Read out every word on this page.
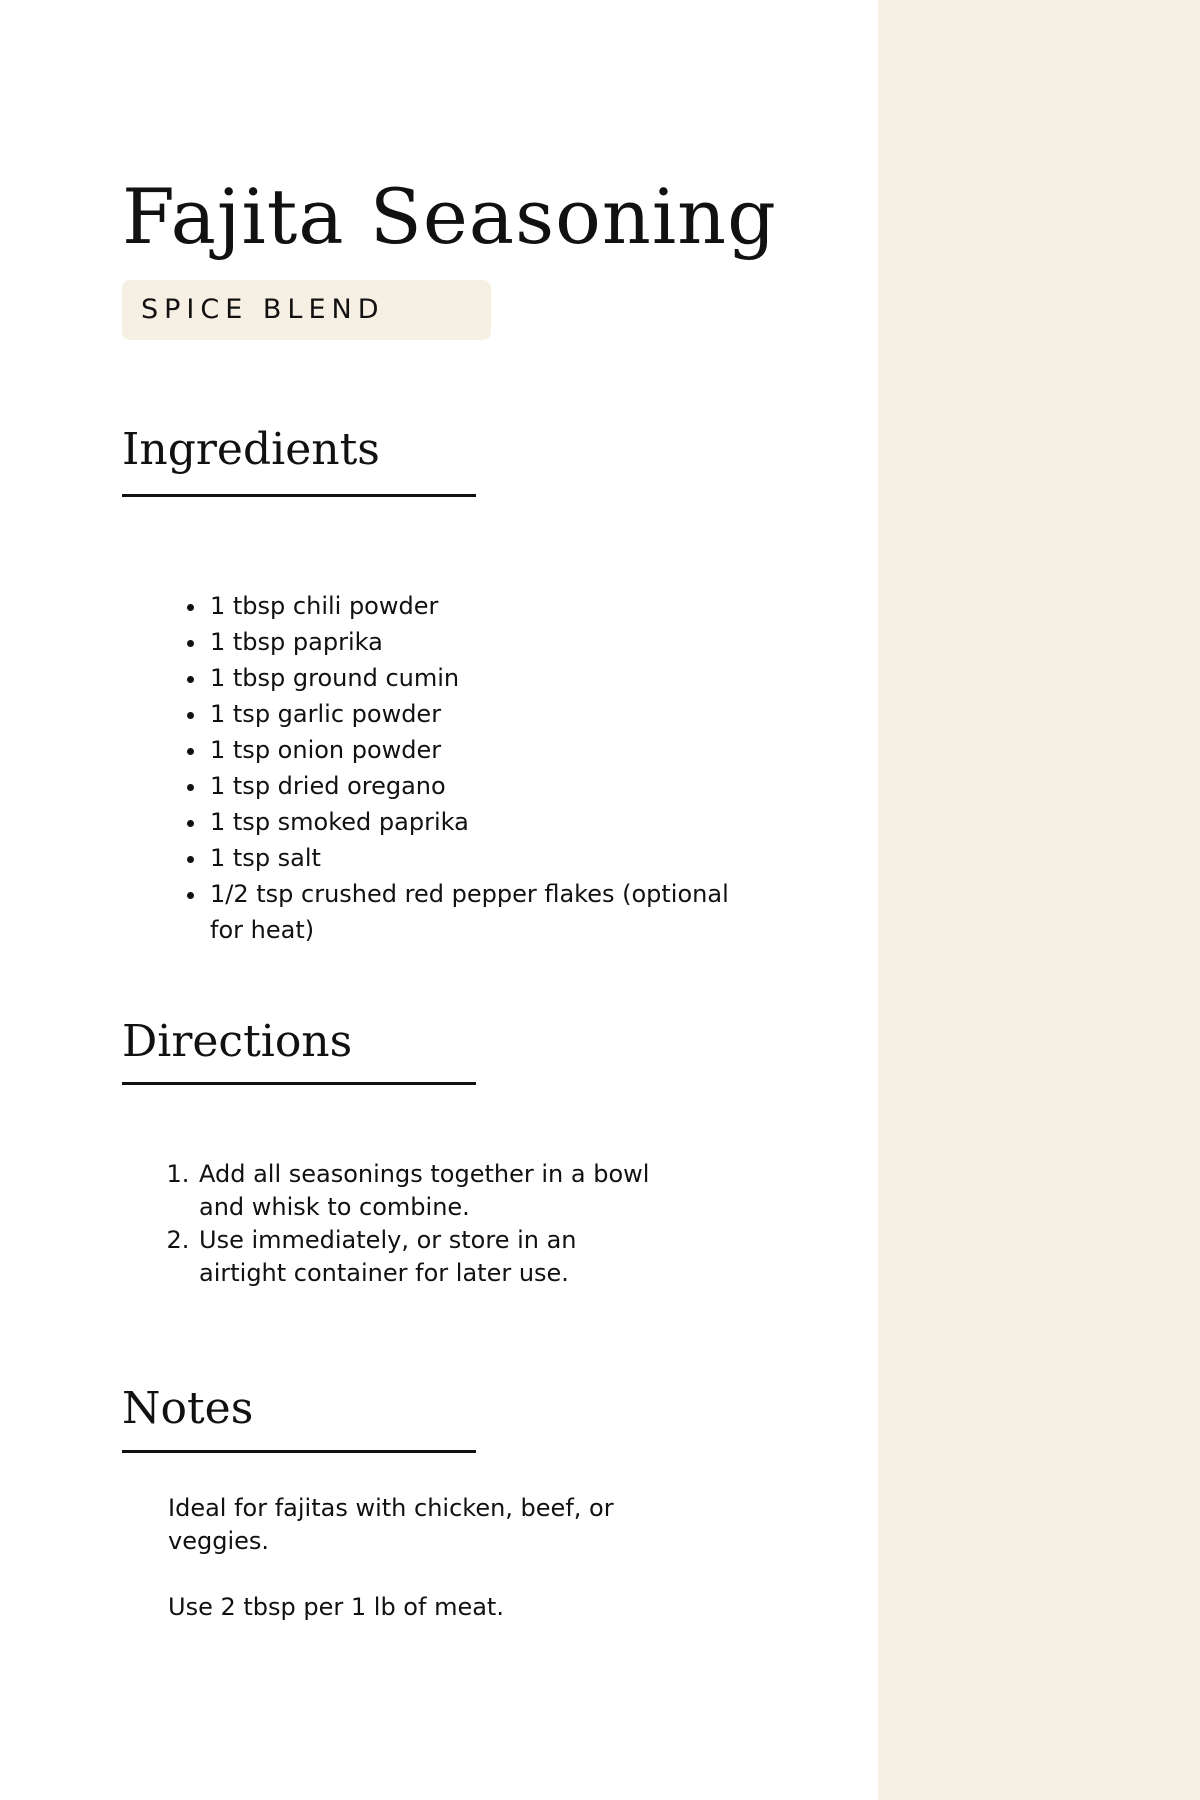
Fajita Seasoning
SPICE BLEND
Ingredients
• 1 tbsp chili powder
• 1 tbsp paprika
• 1 tbsp ground cumin
• 1 tsp garlic powder
• 1 tsp onion powder
• 1 tsp dried oregano
• 1 tsp smoked paprika
• 1 tsp salt
• 1/2 tsp crushed red pepper flakes (optional for heat)
Directions
1. Add all seasonings together in a bowl and whisk to combine.
2. Use immediately, or store in an airtight container for later use.
Notes

Ideal for fajitas with chicken, beef, or veggies.

Use 2 tbsp per 1 lb of meat.
